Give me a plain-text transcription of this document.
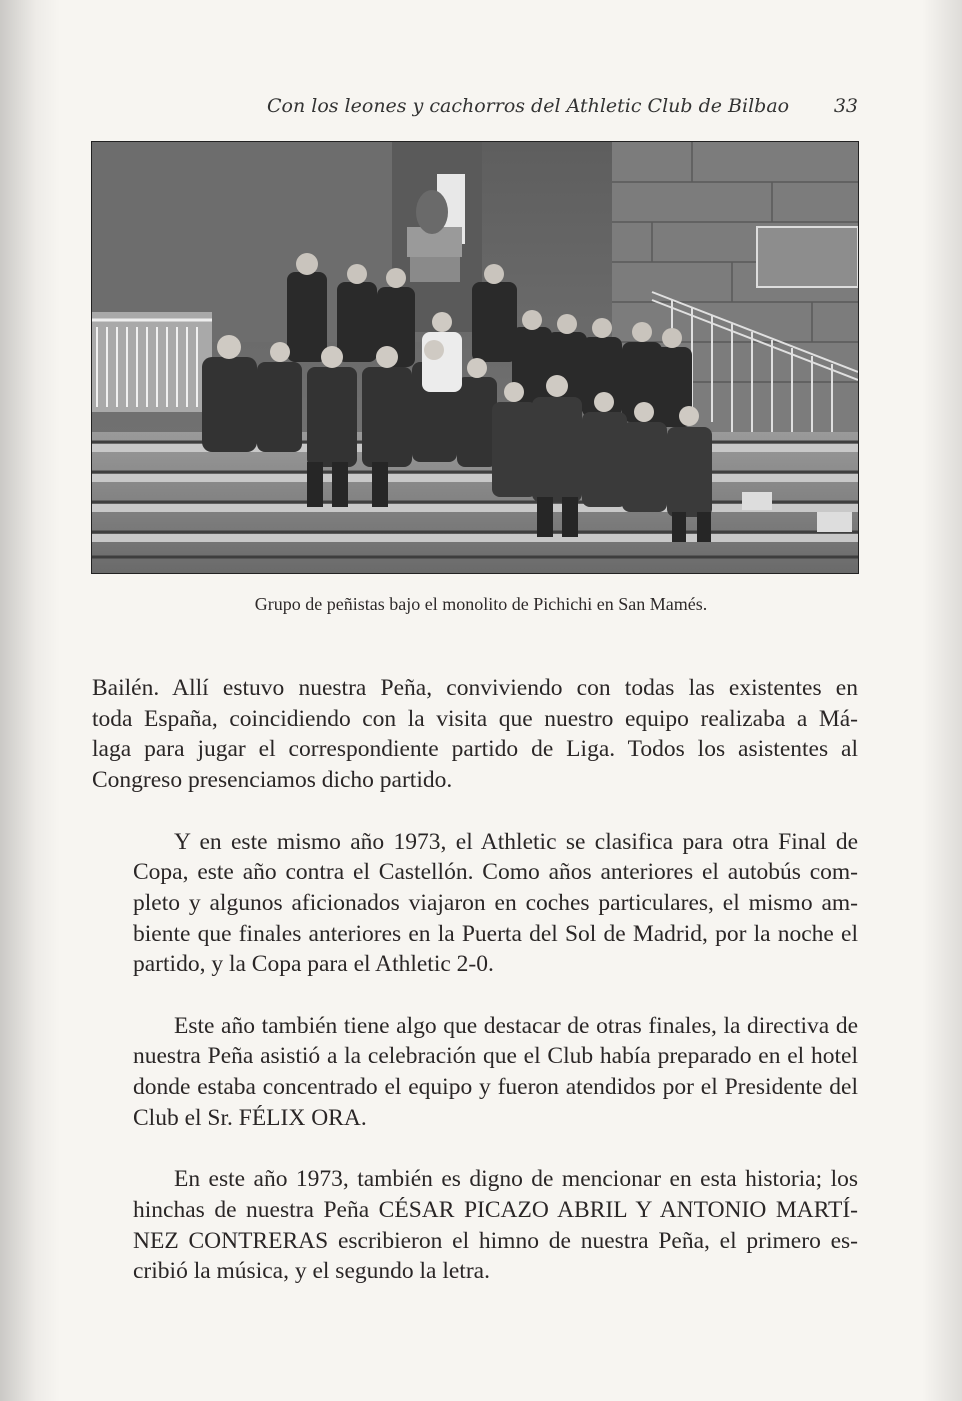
Con los leones y cachorros del Athletic Club de Bilbao 33
Grupo de peñistas bajo el monolito de Pichichi en San Mamés.

Bailén. Allí estuvo nuestra Peña, conviviendo con todas las existentes en
toda España, coincidiendo con la visita que nuestro equipo realizaba a Má-
laga para jugar el correspondiente partido de Liga. Todos los asistentes al
Congreso presenciamos dicho partido.

Y en este mismo año 1973, el Athletic se clasifica para otra Final de
Copa, este año contra el Castellón. Como años anteriores el autobús com-
pleto y algunos aficionados viajaron en coches particulares, el mismo am-
biente que finales anteriores en la Puerta del Sol de Madrid, por la noche el
partido, y la Copa para el Athletic 2-0.

Este año también tiene algo que destacar de otras finales, la directiva de
nuestra Peña asistió a la celebración que el Club había preparado en el hotel
donde estaba concentrado el equipo y fueron atendidos por el Presidente del
Club el Sr. FÉLIX ORA.

En este año 1973, también es digno de mencionar en esta historia; los
hinchas de nuestra Peña CÉSAR PICAZO ABRIL Y ANTONIO MARTÍ-
NEZ CONTRERAS escribieron el himno de nuestra Peña, el primero es-
cribió la música, y el segundo la letra.
